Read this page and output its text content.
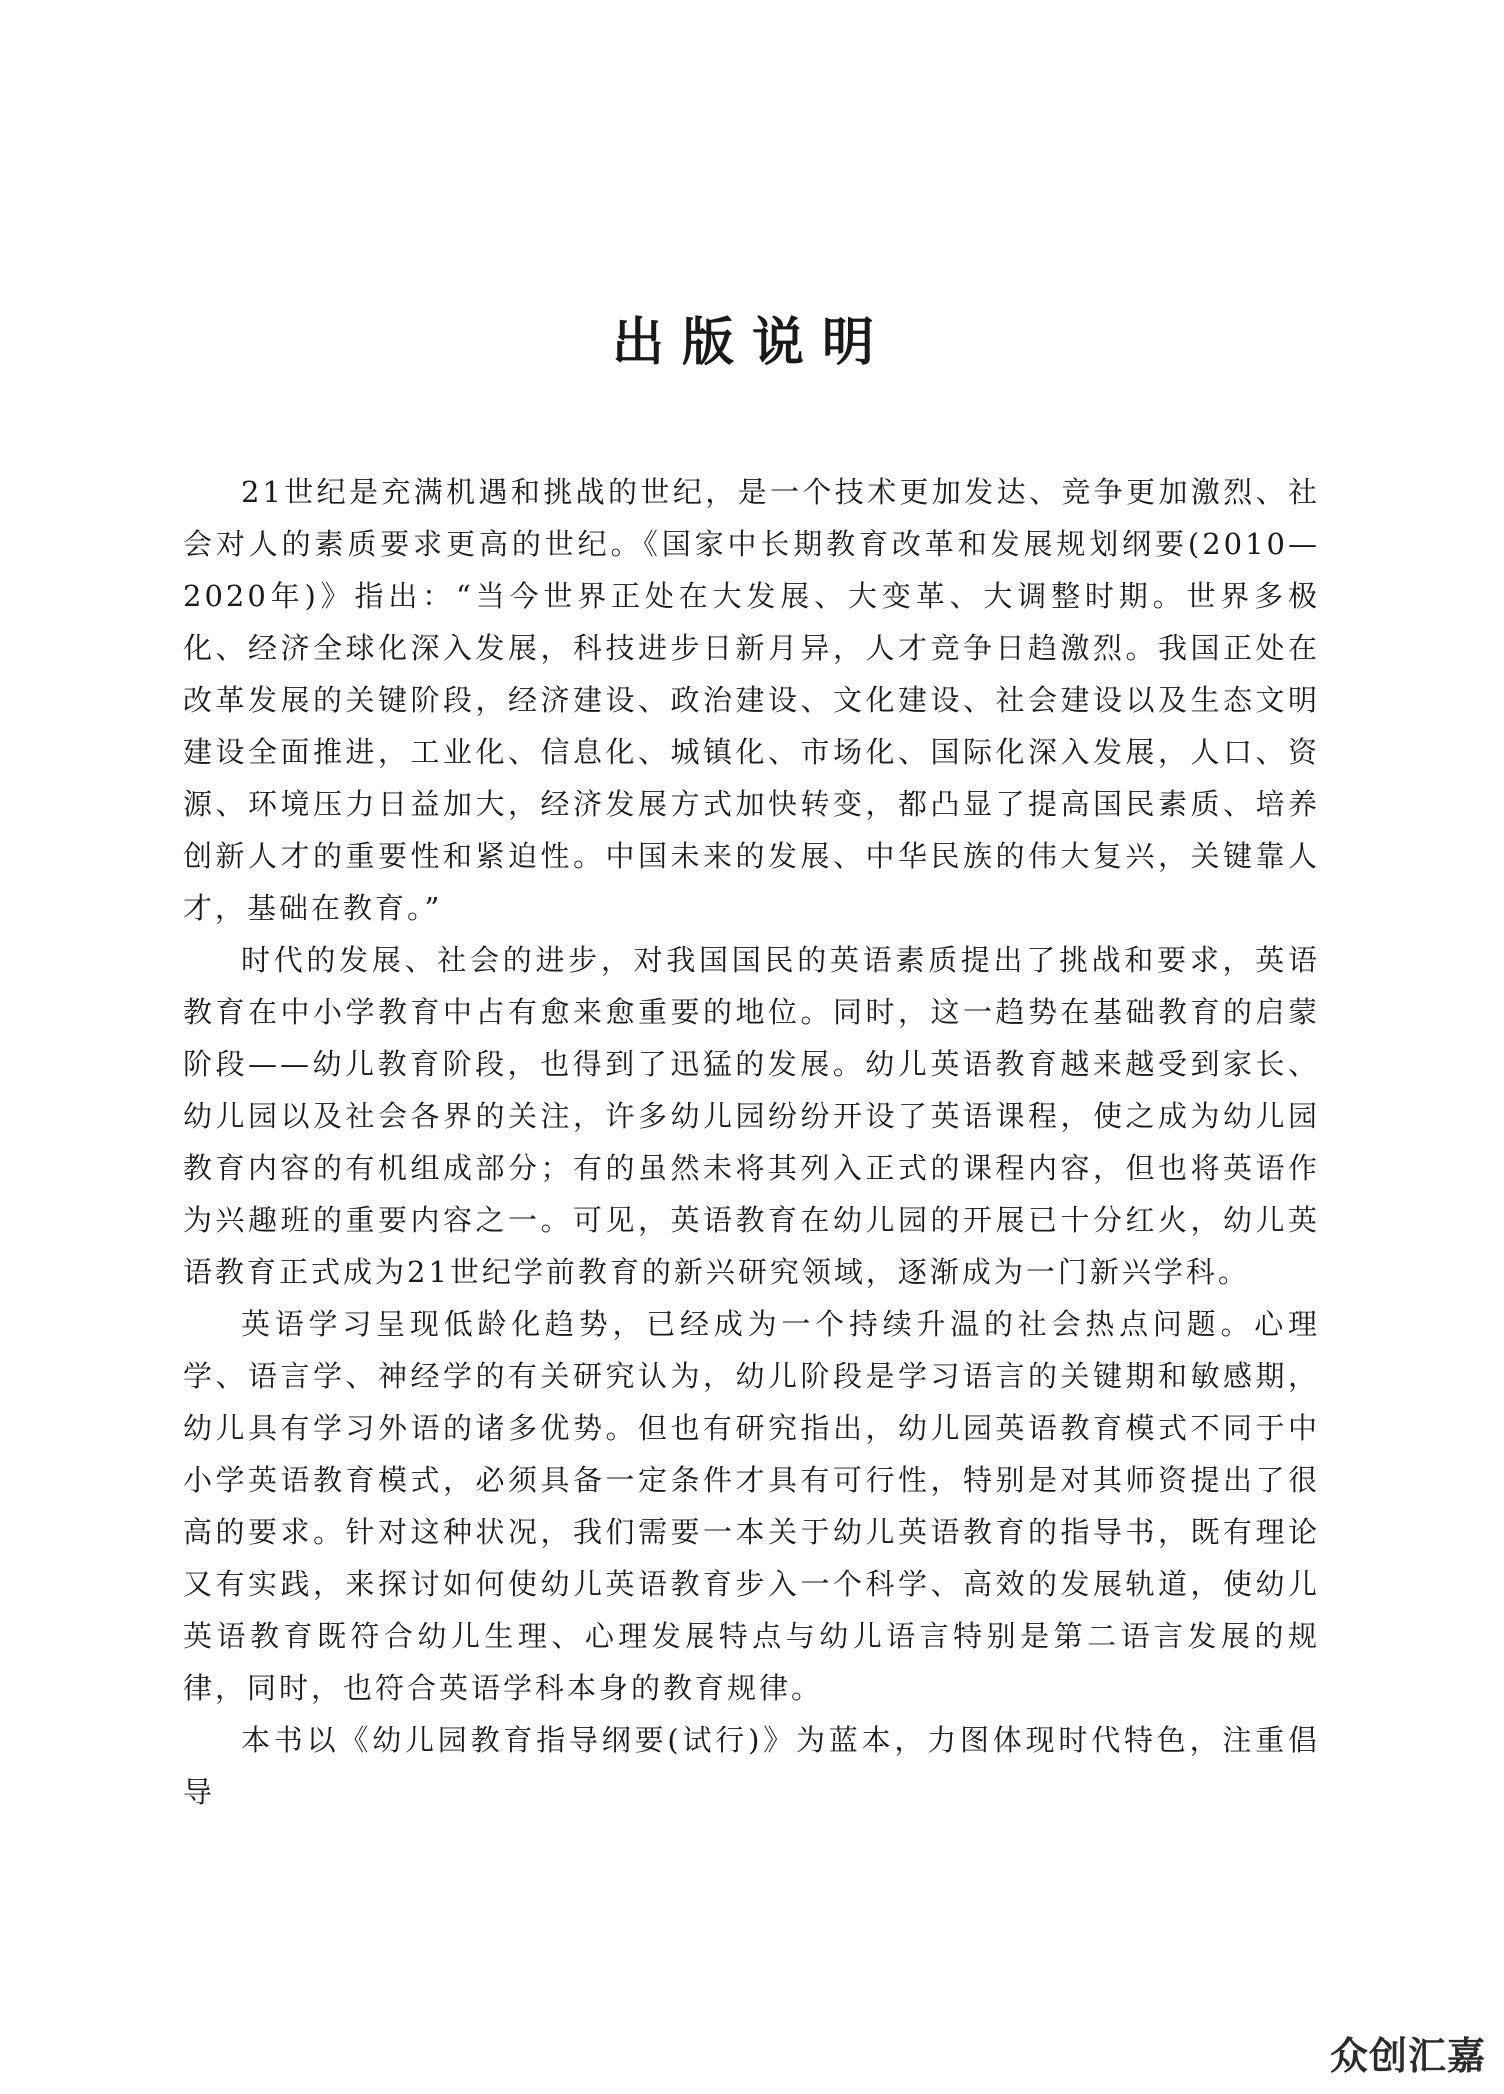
出版说明

21世纪是充满机遇和挑战的世纪，是一个技术更加发达、竞争更加激烈、社会对人的素质要求更高的世纪。《国家中长期教育改革和发展规划纲要(2010—2020年)》指出：“当今世界正处在大发展、大变革、大调整时期。世界多极化、经济全球化深入发展，科技进步日新月异，人才竞争日趋激烈。我国正处在改革发展的关键阶段，经济建设、政治建设、文化建设、社会建设以及生态文明建设全面推进，工业化、信息化、城镇化、市场化、国际化深入发展，人口、资源、环境压力日益加大，经济发展方式加快转变，都凸显了提高国民素质、培养创新人才的重要性和紧迫性。中国未来的发展、中华民族的伟大复兴，关键靠人才，基础在教育。”

时代的发展、社会的进步，对我国国民的英语素质提出了挑战和要求，英语教育在中小学教育中占有愈来愈重要的地位。同时，这一趋势在基础教育的启蒙阶段——幼儿教育阶段，也得到了迅猛的发展。幼儿英语教育越来越受到家长、幼儿园以及社会各界的关注，许多幼儿园纷纷开设了英语课程，使之成为幼儿园教育内容的有机组成部分；有的虽然未将其列入正式的课程内容，但也将英语作为兴趣班的重要内容之一。可见，英语教育在幼儿园的开展已十分红火，幼儿英语教育正式成为21世纪学前教育的新兴研究领域，逐渐成为一门新兴学科。

英语学习呈现低龄化趋势，已经成为一个持续升温的社会热点问题。心理学、语言学、神经学的有关研究认为，幼儿阶段是学习语言的关键期和敏感期，幼儿具有学习外语的诸多优势。但也有研究指出，幼儿园英语教育模式不同于中小学英语教育模式，必须具备一定条件才具有可行性，特别是对其师资提出了很高的要求。针对这种状况，我们需要一本关于幼儿英语教育的指导书，既有理论又有实践，来探讨如何使幼儿英语教育步入一个科学、高效的发展轨道，使幼儿英语教育既符合幼儿生理、心理发展特点与幼儿语言特别是第二语言发展的规律，同时，也符合英语学科本身的教育规律。

本书以《幼儿园教育指导纲要(试行)》为蓝本，力图体现时代特色，注重倡导

众创汇嘉
